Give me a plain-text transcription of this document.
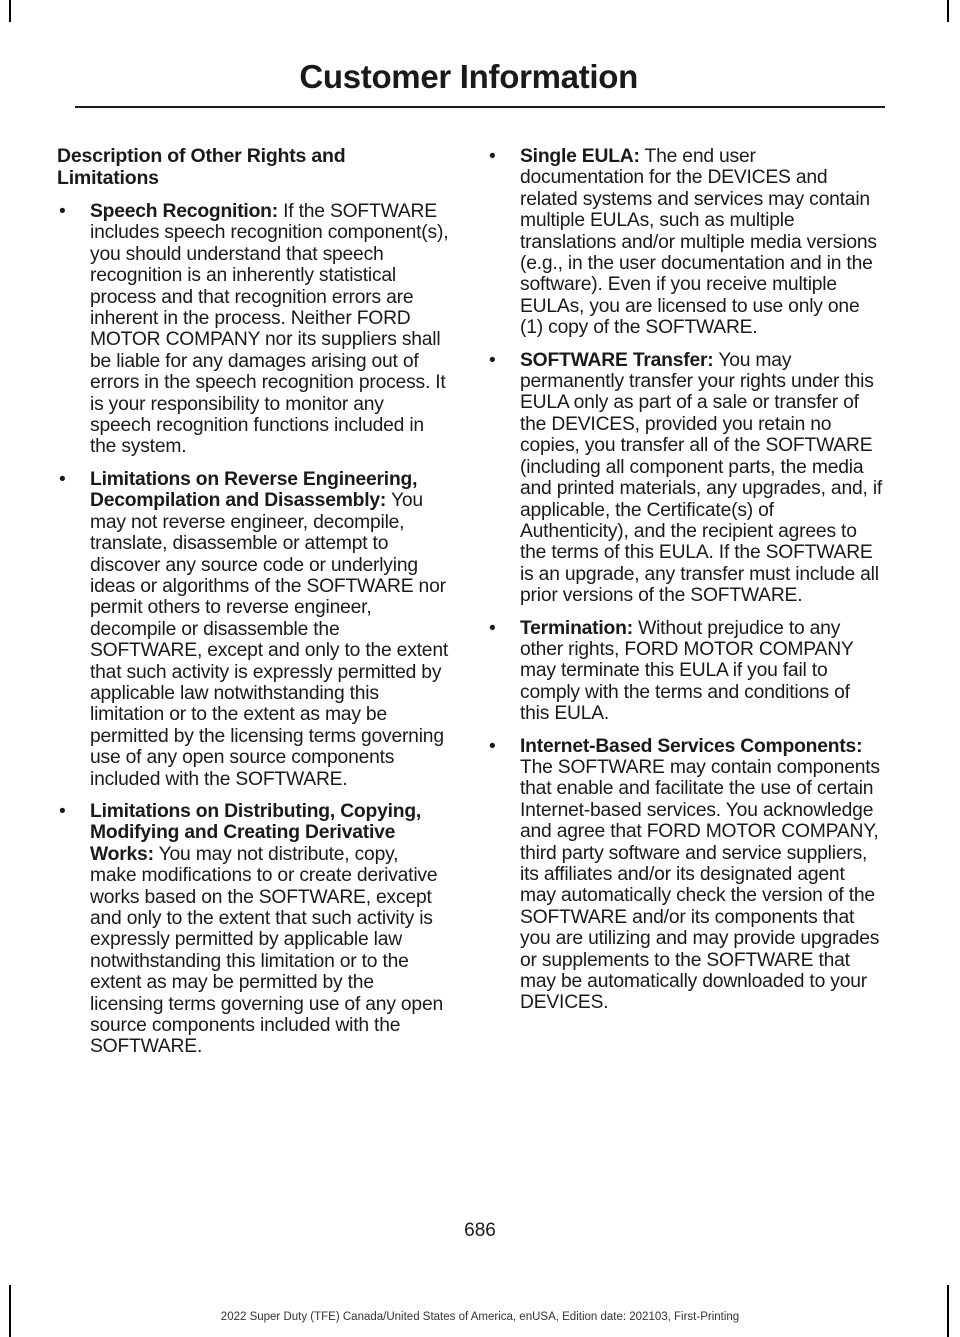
Customer Information
Description of Other Rights and Limitations
• Speech Recognition: If the SOFTWARE includes speech recognition component(s), you should understand that speech recognition is an inherently statistical process and that recognition errors are inherent in the process. Neither FORD MOTOR COMPANY nor its suppliers shall be liable for any damages arising out of errors in the speech recognition process. It is your responsibility to monitor any speech recognition functions included in the system.
• Limitations on Reverse Engineering, Decompilation and Disassembly: You may not reverse engineer, decompile, translate, disassemble or attempt to discover any source code or underlying ideas or algorithms of the SOFTWARE nor permit others to reverse engineer, decompile or disassemble the SOFTWARE, except and only to the extent that such activity is expressly permitted by applicable law notwithstanding this limitation or to the extent as may be permitted by the licensing terms governing use of any open source components included with the SOFTWARE.
• Limitations on Distributing, Copying, Modifying and Creating Derivative Works: You may not distribute, copy, make modifications to or create derivative works based on the SOFTWARE, except and only to the extent that such activity is expressly permitted by applicable law notwithstanding this limitation or to the extent as may be permitted by the licensing terms governing use of any open source components included with the SOFTWARE.
• Single EULA: The end user documentation for the DEVICES and related systems and services may contain multiple EULAs, such as multiple translations and/or multiple media versions (e.g., in the user documentation and in the software). Even if you receive multiple EULAs, you are licensed to use only one (1) copy of the SOFTWARE.
• SOFTWARE Transfer: You may permanently transfer your rights under this EULA only as part of a sale or transfer of the DEVICES, provided you retain no copies, you transfer all of the SOFTWARE (including all component parts, the media and printed materials, any upgrades, and, if applicable, the Certificate(s) of Authenticity), and the recipient agrees to the terms of this EULA. If the SOFTWARE is an upgrade, any transfer must include all prior versions of the SOFTWARE.
• Termination: Without prejudice to any other rights, FORD MOTOR COMPANY may terminate this EULA if you fail to comply with the terms and conditions of this EULA.
• Internet-Based Services Components: The SOFTWARE may contain components that enable and facilitate the use of certain Internet-based services. You acknowledge and agree that FORD MOTOR COMPANY, third party software and service suppliers, its affiliates and/or its designated agent may automatically check the version of the SOFTWARE and/or its components that you are utilizing and may provide upgrades or supplements to the SOFTWARE that may be automatically downloaded to your DEVICES.
686
2022 Super Duty (TFE) Canada/United States of America, enUSA, Edition date: 202103, First-Printing
